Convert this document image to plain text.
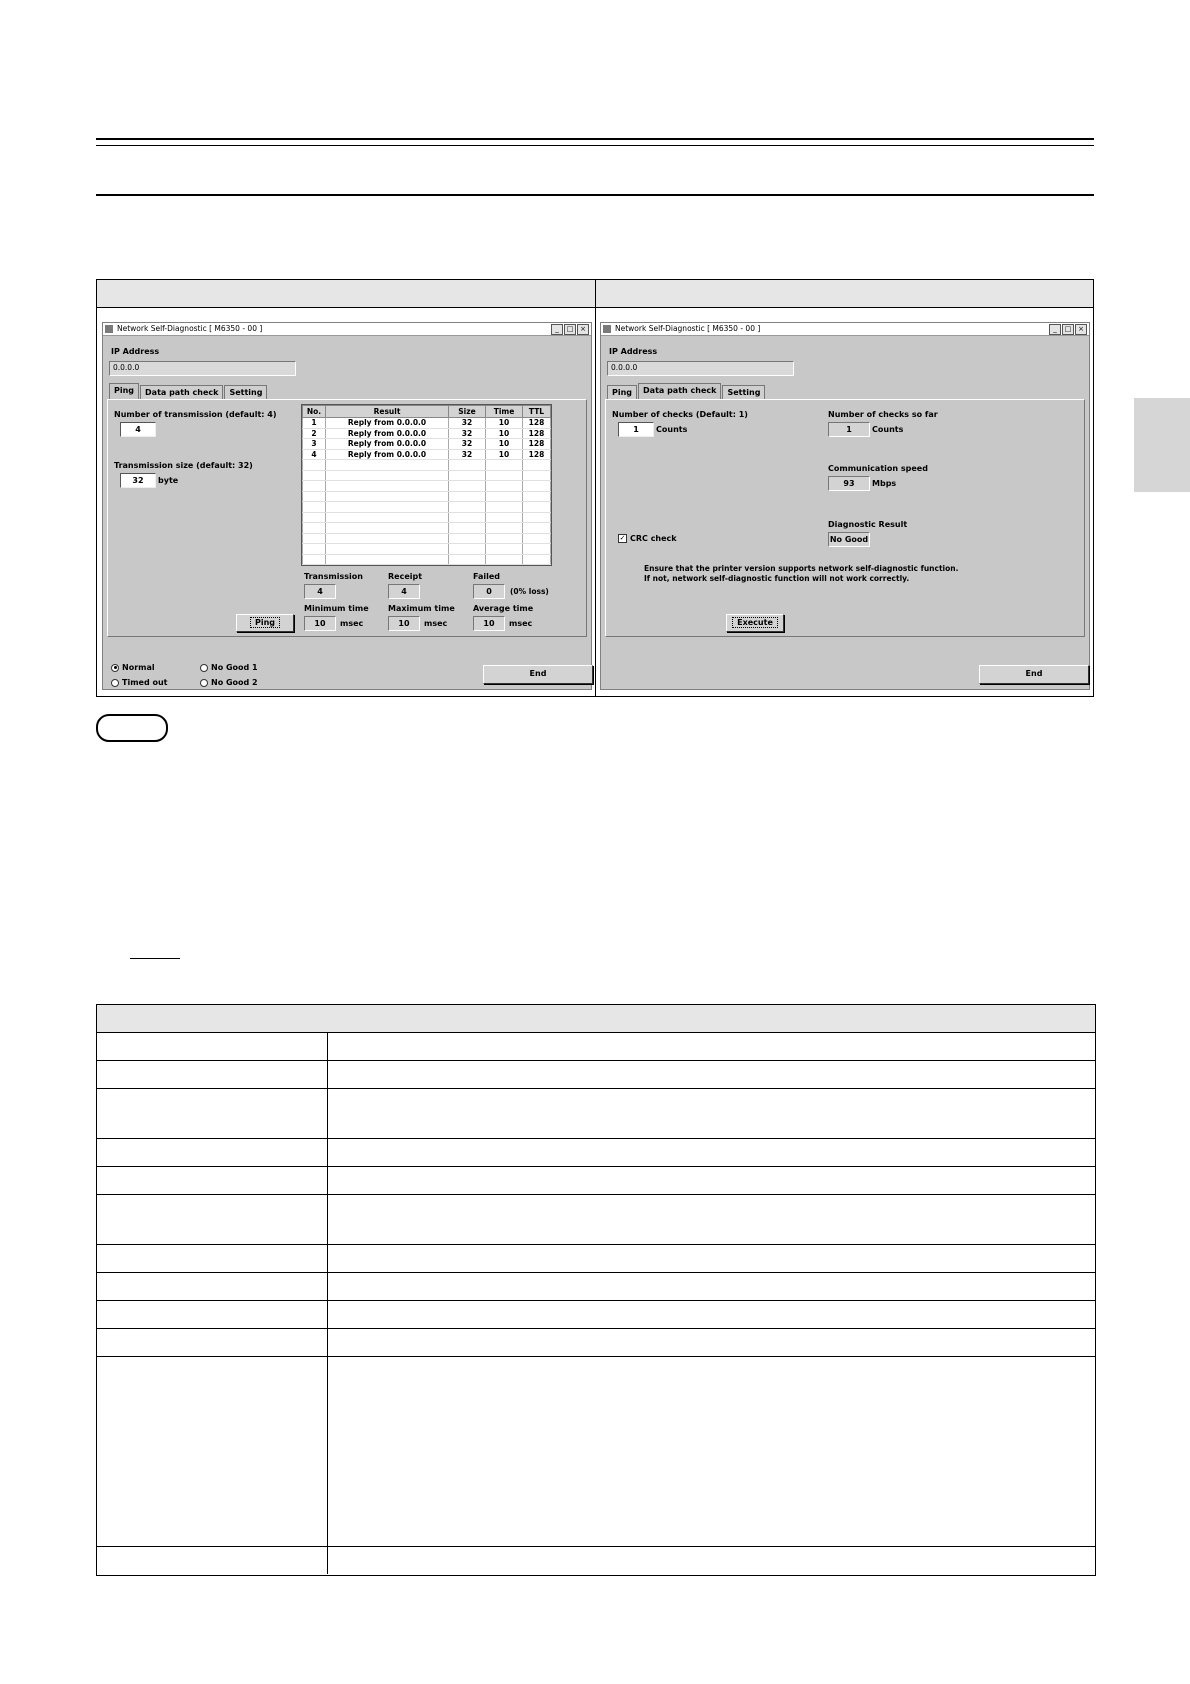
Network Self-Diagnostic [ M6350 - 00 ]	_	□ ×
IP Address
0.0.0.0
Ping	Data path check	Setting
Number of transmission (default: 4)
4
Transmission size (default: 32)
32	byte
No.	Result	Size	Time	TTL
1	Reply from 0.0.0.0	32	10	128
2	Reply from 0.0.0.0	32	10	128
3	Reply from 0.0.0.0	32	10	128
4	Reply from 0.0.0.0	32	10	128

Transmission
4
Receipt
4
Failed
0	(0% loss)
Minimum time
10	msec
Maximum time
10	msec
Average time
10	msec
Ping
Normal
Timed out
No Good 1
No Good 2
End
Network Self-Diagnostic [ M6350 - 00 ]	_	□ ×
IP Address
0.0.0.0
Ping	Data path check	Setting
Number of checks (Default: 1)
1	Counts
Number of checks so far
1	Counts
Communication speed
93	Mbps
Diagnostic Result
No Good
✓ CRC check
Ensure that the printer version supports network self-diagnostic function.
If not, network self-diagnostic function will not work correctly.
Execute
End
